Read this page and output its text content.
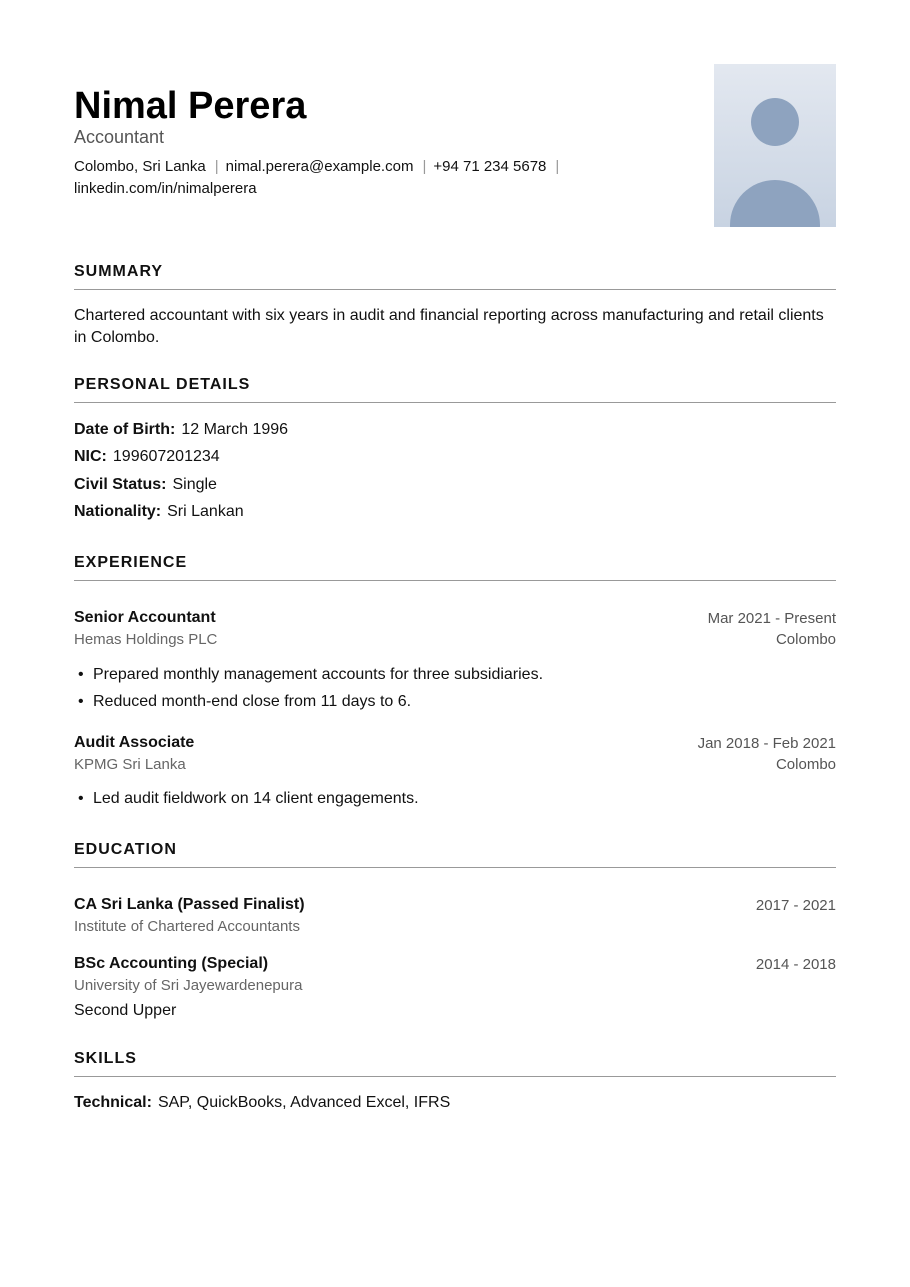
Nimal Perera
Accountant
Colombo, Sri Lanka | nimal.perera@example.com | +94 71 234 5678 |
linkedin.com/in/nimalperera
SUMMARY
Chartered accountant with six years in audit and financial reporting across manufacturing and retail clients in Colombo.
PERSONAL DETAILS
Date of Birth: 12 March 1996
NIC: 199607201234
Civil Status: Single
Nationality: Sri Lankan
EXPERIENCE
Senior Accountant	Mar 2021 - Present
Hemas Holdings PLC	Colombo
• Prepared monthly management accounts for three subsidiaries.
• Reduced month-end close from 11 days to 6.
Audit Associate	Jan 2018 - Feb 2021
KPMG Sri Lanka	Colombo
• Led audit fieldwork on 14 client engagements.
EDUCATION
CA Sri Lanka (Passed Finalist)	2017 - 2021
Institute of Chartered Accountants
BSc Accounting (Special)	2014 - 2018
University of Sri Jayewardenepura
Second Upper
SKILLS
Technical: SAP, QuickBooks, Advanced Excel, IFRS
